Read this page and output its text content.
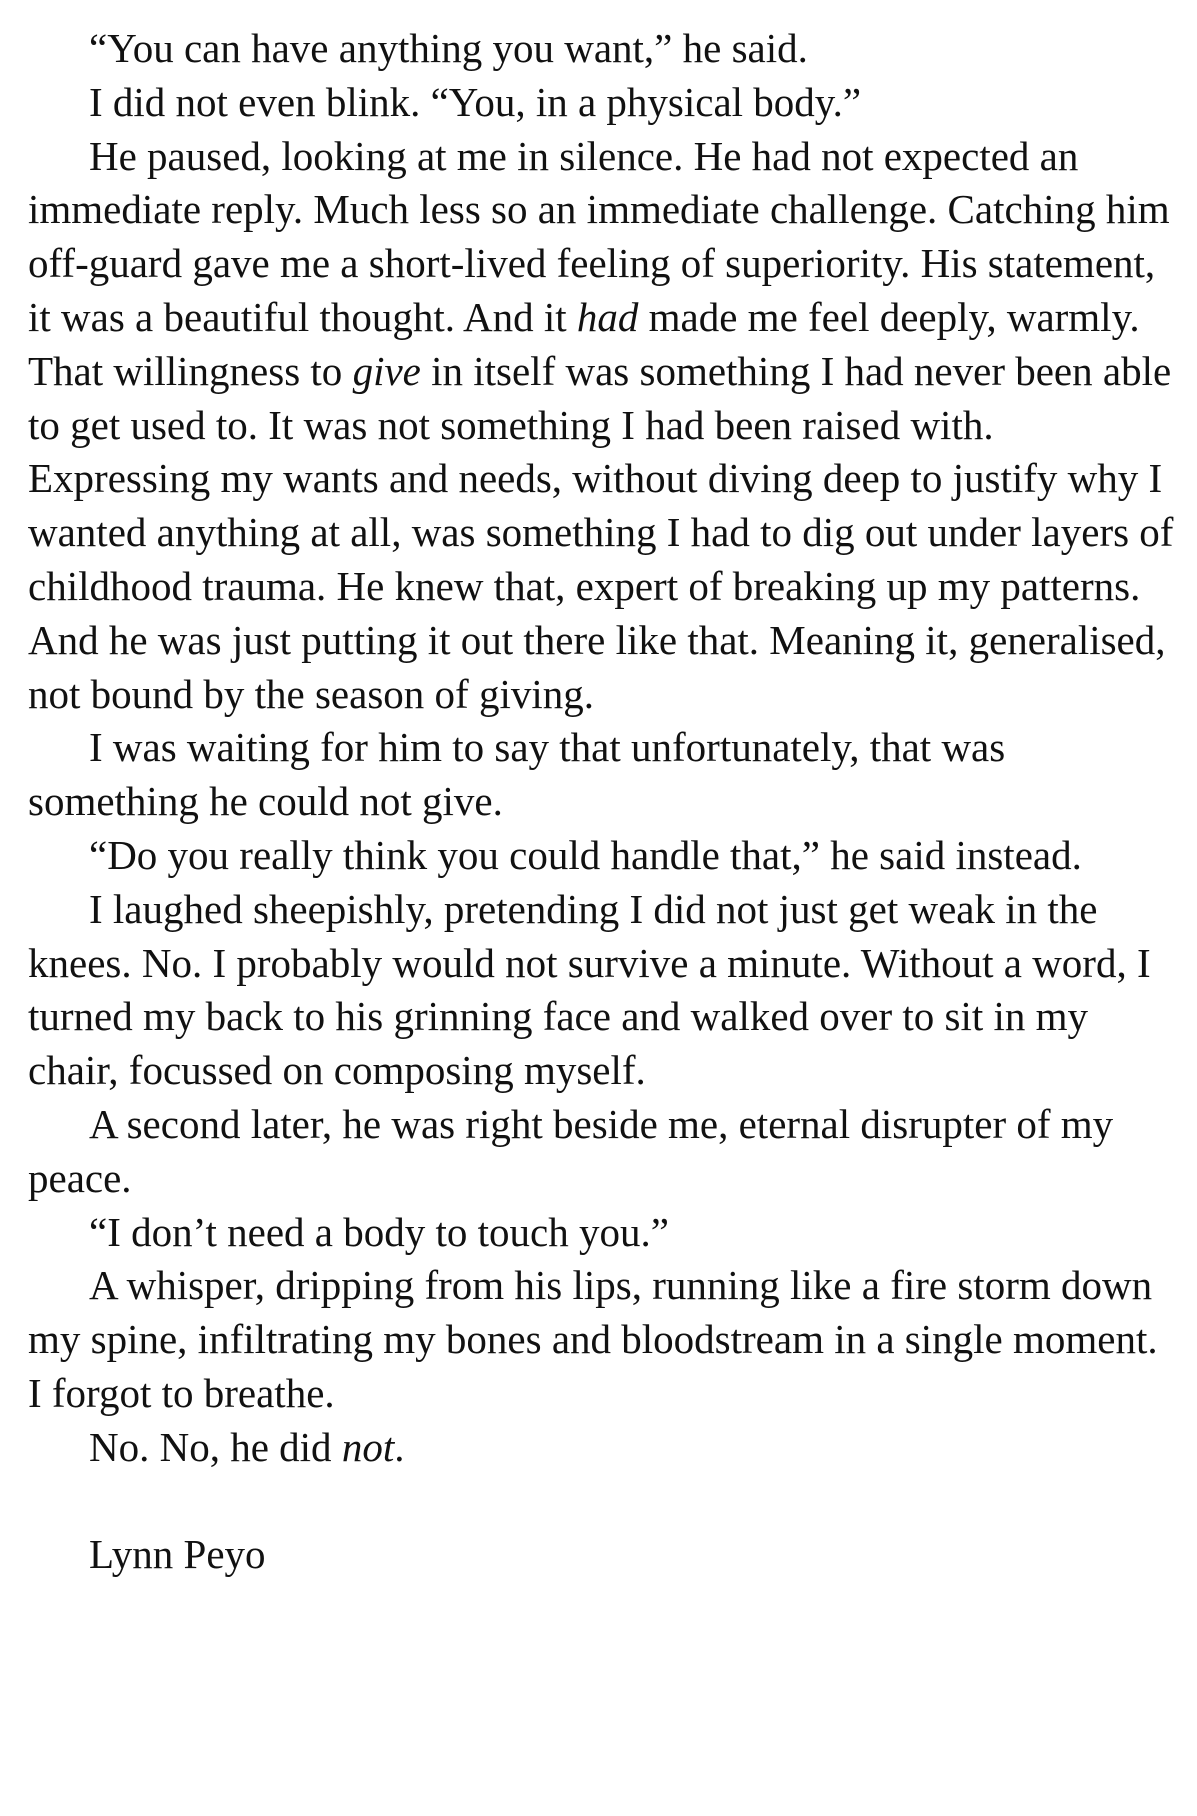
“You can have anything you want,” he said.

I did not even blink. “You, in a physical body.”

He paused, looking at me in silence. He had not expected an immediate reply. Much less so an immediate challenge. Catching him off-guard gave me a short-lived feeling of superiority. His statement, it was a beautiful thought. And it had made me feel deeply, warmly. That willingness to give in itself was something I had never been able to get used to. It was not something I had been raised with. Expressing my wants and needs, without diving deep to justify why I wanted anything at all, was something I had to dig out under layers of childhood trauma. He knew that, expert of breaking up my patterns. And he was just putting it out there like that. Meaning it, generalised, not bound by the season of giving.

I was waiting for him to say that unfortunately, that was something he could not give.

“Do you really think you could handle that,” he said instead.

I laughed sheepishly, pretending I did not just get weak in the knees. No. I probably would not survive a minute. Without a word, I turned my back to his grinning face and walked over to sit in my chair, focussed on composing myself.

A second later, he was right beside me, eternal disrupter of my peace.

“I don’t need a body to touch you.”

A whisper, dripping from his lips, running like a fire storm down my spine, infiltrating my bones and bloodstream in a single moment. I forgot to breathe.

No. No, he did not.

Lynn Peyo
